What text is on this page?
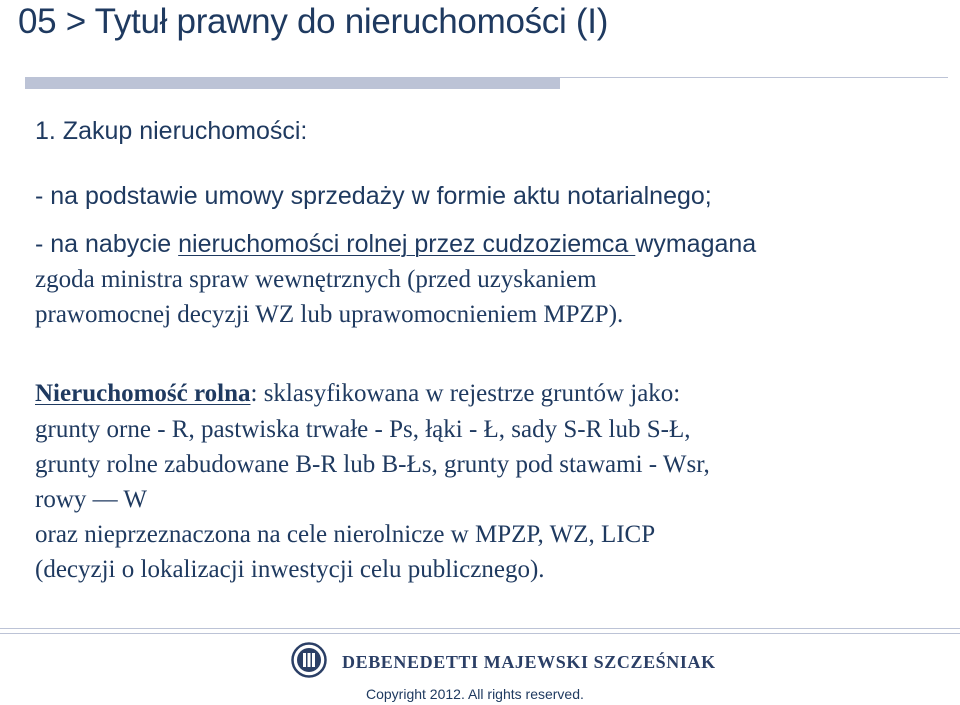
05 > Tytuł prawny do nieruchomości (I)
1. Zakup nieruchomości:
- na podstawie umowy sprzedaży w formie aktu notarialnego;
- na nabycie nieruchomości rolnej przez cudzoziemca wymagana
zgoda ministra spraw wewnętrznych (przed uzyskaniem
prawomocnej decyzji WZ lub uprawomocnieniem MPZP).
Nieruchomość rolna: sklasyfikowana w rejestrze gruntów jako:
grunty orne - R, pastwiska trwałe - Ps, łąki - Ł, sady S-R lub S-Ł,
grunty rolne zabudowane B-R lub B-Łs, grunty pod stawami - Wsr,
rowy — W
oraz nieprzeznaczona na cele nierolnicze w MPZP, WZ, LICP
(decyzji o lokalizacji inwestycji celu publicznego).
DEBENEDETTI MAJEWSKI SZCZEŚNIAK
Copyright 2012. All rights reserved.
